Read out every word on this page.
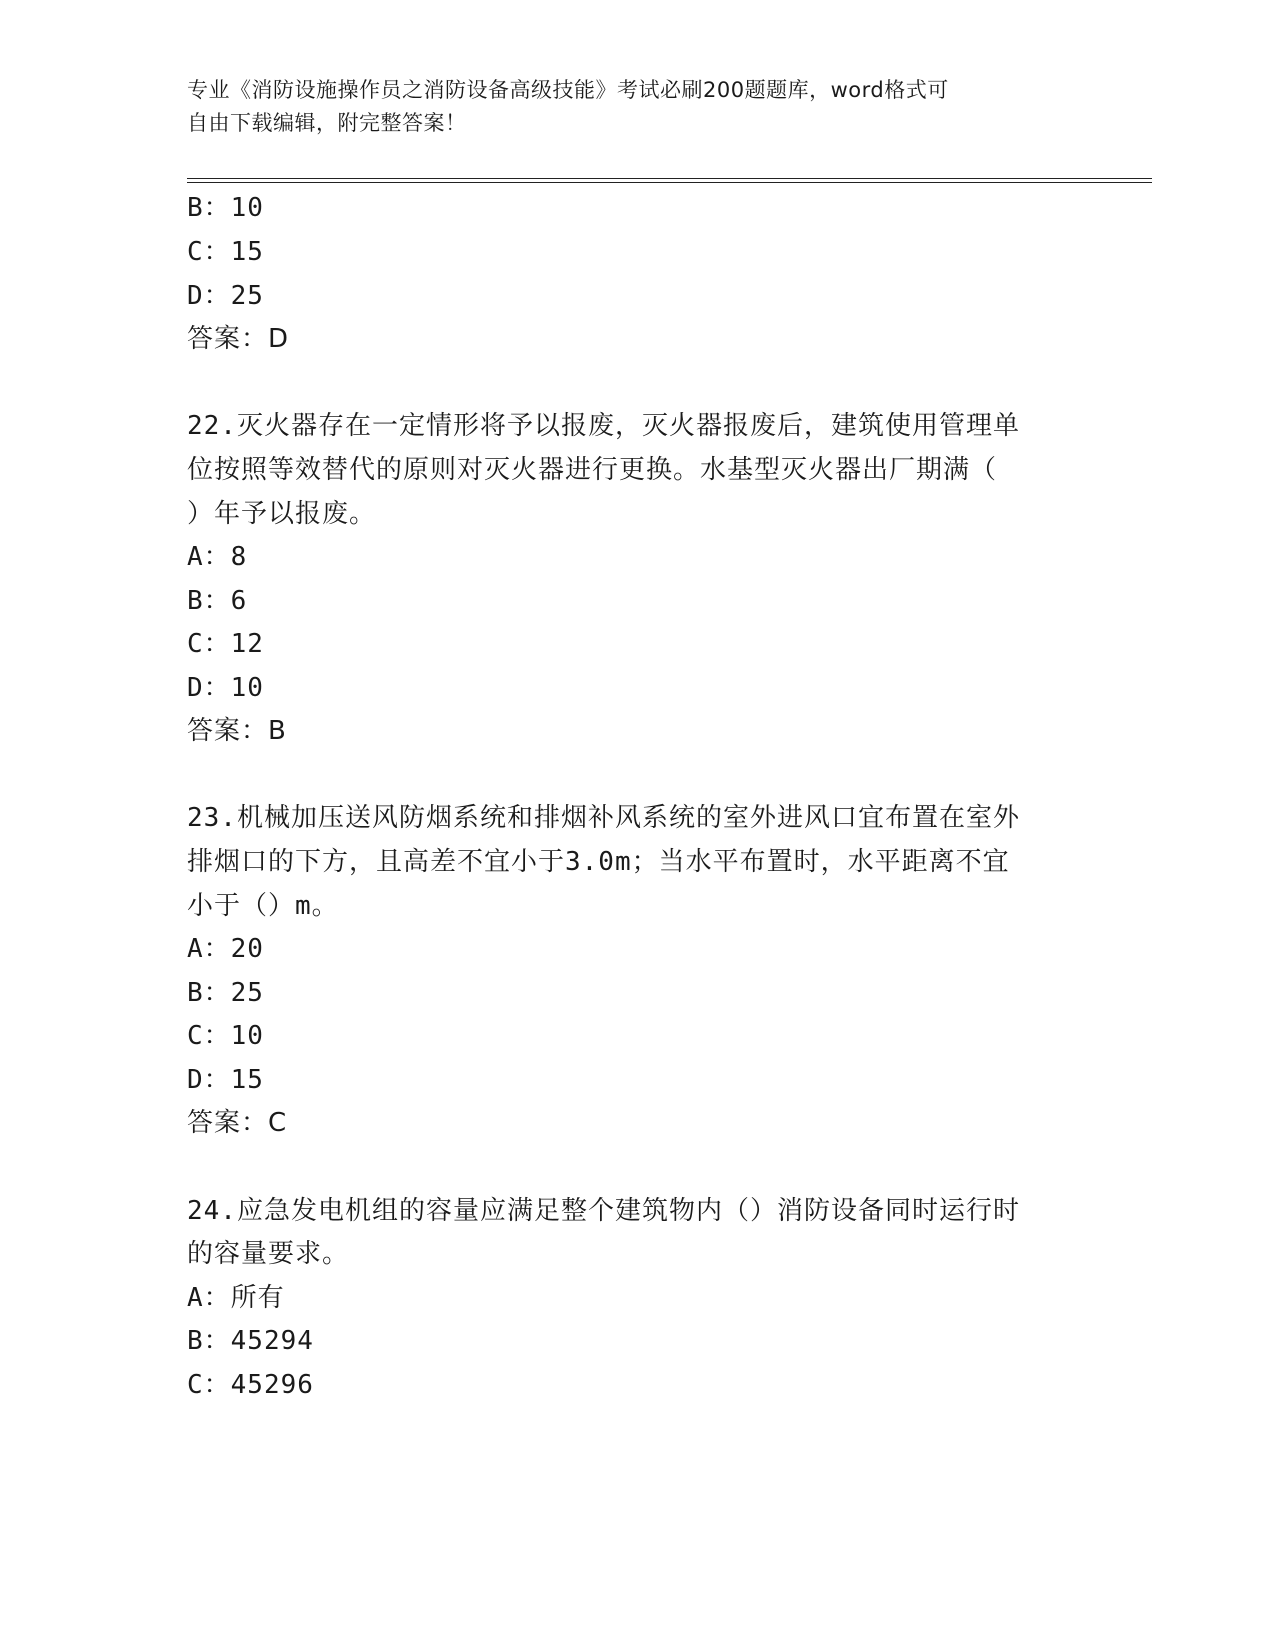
专业《消防设施操作员之消防设备高级技能》考试必刷200题题库，word格式可
自由下载编辑，附完整答案！
B：10
C：15
D：25
答案：D
22.灭火器存在一定情形将予以报废，灭火器报废后，建筑使用管理单
位按照等效替代的原则对灭火器进行更换。水基型灭火器出厂期满（
）年予以报废。
A：8
B：6
C：12
D：10
答案：B
23.机械加压送风防烟系统和排烟补风系统的室外进风口宜布置在室外
排烟口的下方，且高差不宜小于3.0m；当水平布置时，水平距离不宜
小于（）m。
A：20
B：25
C：10
D：15
答案：C
24.应急发电机组的容量应满足整个建筑物内（）消防设备同时运行时
的容量要求。
A：所有
B：45294
C：45296
